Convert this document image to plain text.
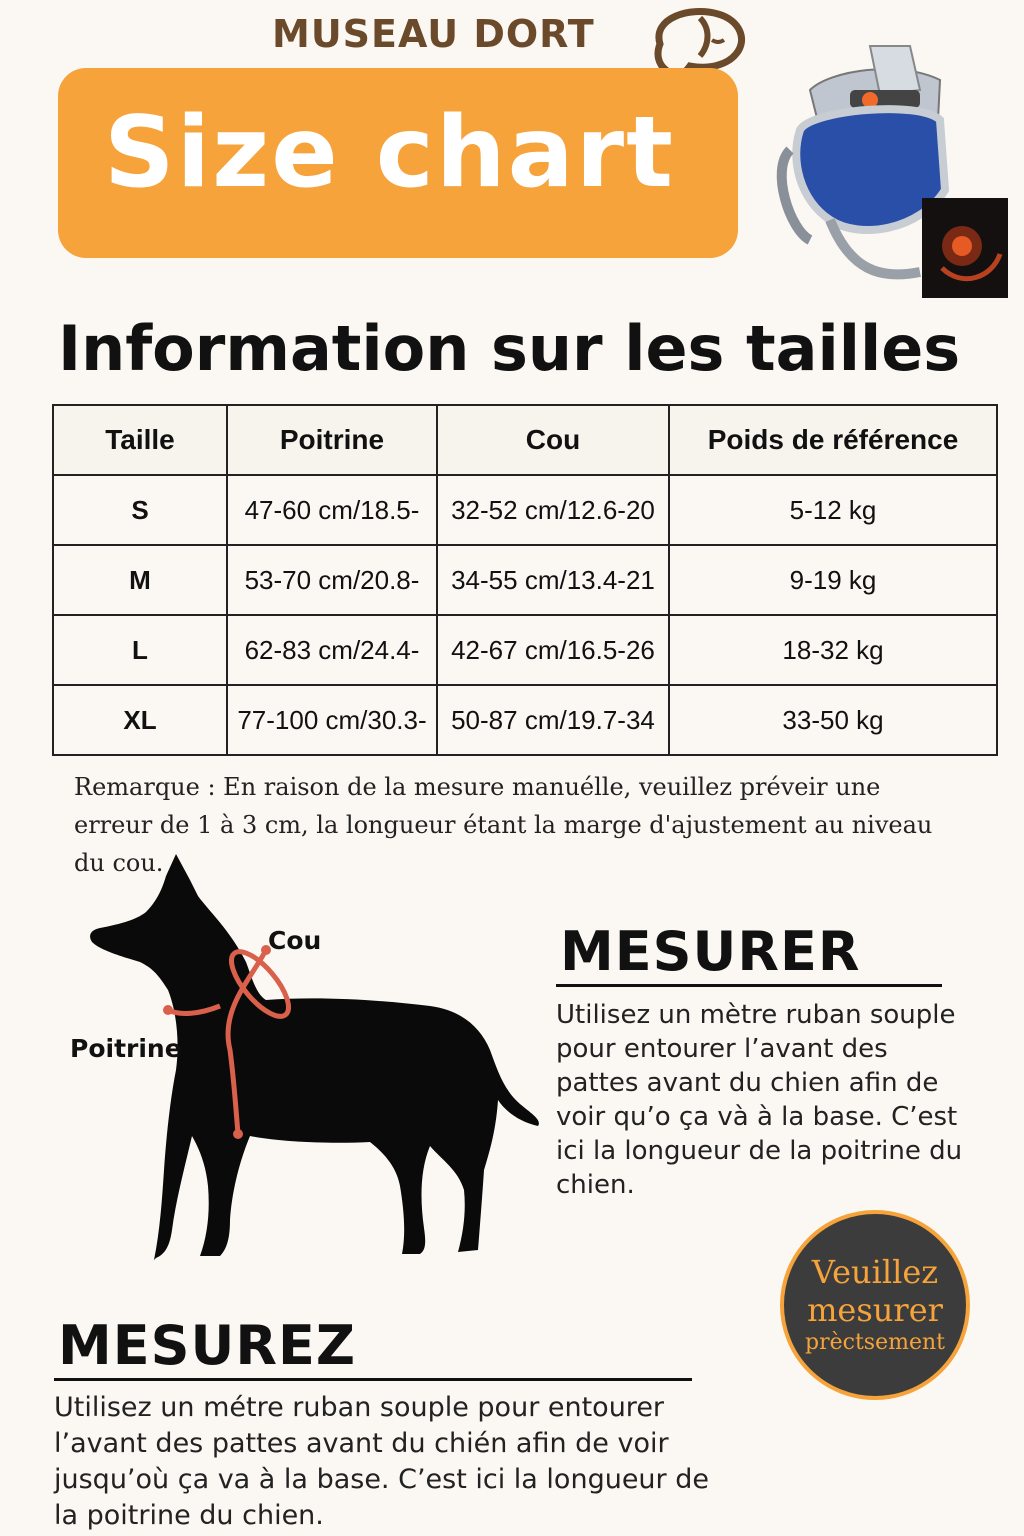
MUSEAU DORT
Size chart
Information sur les tailles
Taille	Poitrine	Cou	Poids de référence
S	47-60 cm/18.5-	32-52 cm/12.6-20	5-12 kg
M	53-70 cm/20.8-	34-55 cm/13.4-21	9-19 kg
L	62-83 cm/24.4-	42-67 cm/16.5-26	18-32 kg
XL	77-100 cm/30.3-	50-87 cm/19.7-34	33-50 kg
Remarque : En raison de la mesure manuélle, veuillez préveir une erreur de 1 à 3 cm, la longueur étant la marge d'ajustement au niveau du cou.
Cou
Poitrine
MESURER
Utilisez un mètre ruban souple pour entourer l’avant des pattes avant du chien afin de voir qu’o ça và à la base. C’est ici la longueur de la poitrine du chien.
Veuillez
mesurer
prèctsement
MESUREZ
Utilisez un métre ruban souple pour entourer l’avant des pattes avant du chién afin de voir jusqu’où ça va à la base. C’est ici la longueur de la poitrine du chien.
